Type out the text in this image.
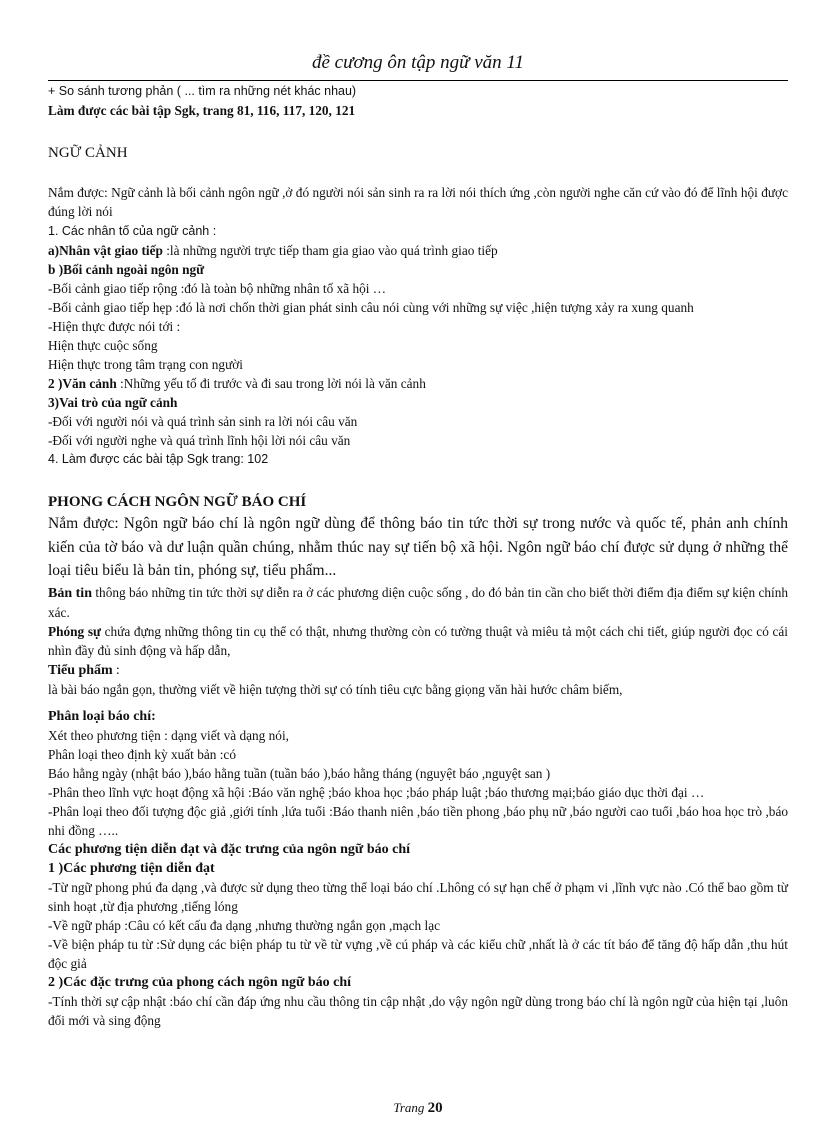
đề cương ôn tập ngữ văn 11

+ So sánh tương phản ( ... tìm ra những nét khác nhau)

Làm được các bài tập Sgk, trang 81, 116, 117, 120, 121

NGỮ CẢNH

Nắm được: Ngữ cảnh là bối cảnh ngôn ngữ ,ở đó người nói sản sinh ra ra lời nói thích ứng ,còn người nghe căn cứ vào đó để lĩnh hội được đúng lời nói

1. Các nhân tố của ngữ cảnh :

a)Nhân vật giao tiếp :là những người trực tiếp tham gia giao vào quá trình giao tiếp

b )Bối cảnh ngoài ngôn ngữ

-Bối cảnh giao tiếp rộng :đó là toàn bộ những nhân tố xã hội …

-Bối cảnh giao tiếp hẹp :đó là nơi chốn thời gian phát sinh câu nói cùng với những sự việc ,hiện tượng xảy ra xung quanh

-Hiện thực được nói tới :

Hiện thực cuộc sống

Hiện thực trong tâm trạng con người

2 )Văn cảnh :Những yếu tố đi trước và đi sau trong lời nói là văn cảnh

3)Vai trò của ngữ cảnh

-Đối với người nói và quá trình sản sinh ra lời nói câu văn

-Đối với người nghe và quá trình lĩnh hội lời nói câu văn

4. Làm được các bài tập Sgk trang: 102

PHONG CÁCH NGÔN NGỮ BÁO CHÍ

Nắm được: Ngôn ngữ báo chí là ngôn ngữ dùng để thông báo tin tức thời sự trong nước và quốc tế, phản anh chính kiến của tờ báo và dư luận quần chúng, nhằm thúc nay sự tiến bộ xã hội. Ngôn ngữ báo chí được sử dụng ở những thể loại tiêu biểu là bản tin, phóng sự, tiểu phẩm...

Bản tin thông báo những tin tức thời sự diễn ra ở các phương diện cuộc sống , do đó bản tin cần cho biết thời điểm địa điểm sự kiện chính xác.

Phóng sự chứa đựng những thông tin cụ thể có thật, nhưng thường còn có tường thuật và miêu tả một cách chi tiết, giúp người đọc có cái nhìn đầy đủ sinh động và hấp dẫn,

Tiểu phẩm :

là bài báo ngắn gọn, thường viết về hiện tượng thời sự có tính tiêu cực bằng giọng văn hài hước châm biếm,

Phân loại báo chí:

Xét theo phương tiện : dạng viết và dạng nói,

Phân loại theo định kỳ xuất bản :có

Báo hằng ngày (nhật báo ),báo hằng tuần (tuần báo ),báo hằng tháng (nguyệt báo ,nguyệt san )

-Phân theo lĩnh vực hoạt động xã hội :Báo văn nghệ ;báo khoa học ;báo pháp luật ;báo thương mại;báo giáo dục thời đại …

-Phân loại theo đối tượng độc giả ,giới tính ,lứa tuổi :Báo thanh niên ,báo tiền phong ,báo phụ nữ ,báo người cao tuổi ,báo hoa học trò ,báo nhi đồng …..

Các phương tiện diễn đạt và đặc trưng của ngôn ngữ báo chí

1 )Các phương tiện diễn đạt

-Từ ngữ phong phú đa dạng ,và được sử dụng theo từng thể loại báo chí .Lhông có sự hạn chế ở phạm vi ,lĩnh vực nào .Có thể bao gồm từ sinh hoạt ,từ địa phương ,tiếng lóng

-Về ngữ pháp :Câu có kết cấu đa dạng ,nhưng thường ngắn gọn ,mạch lạc

-Về biện pháp tu từ :Sử dụng các biện pháp tu từ về từ vựng ,về cú pháp và các kiểu chữ ,nhất là ở các tít báo để tăng độ hấp dẫn ,thu hút độc giả

2 )Các đặc trưng của phong cách ngôn ngữ báo chí

-Tính thời sự cập nhật :báo chí cần đáp ứng nhu cầu thông tin cập nhật ,do vậy ngôn ngữ dùng trong báo chí là ngôn ngữ của hiện tại ,luôn đổi mới và sing động

Trang 20
